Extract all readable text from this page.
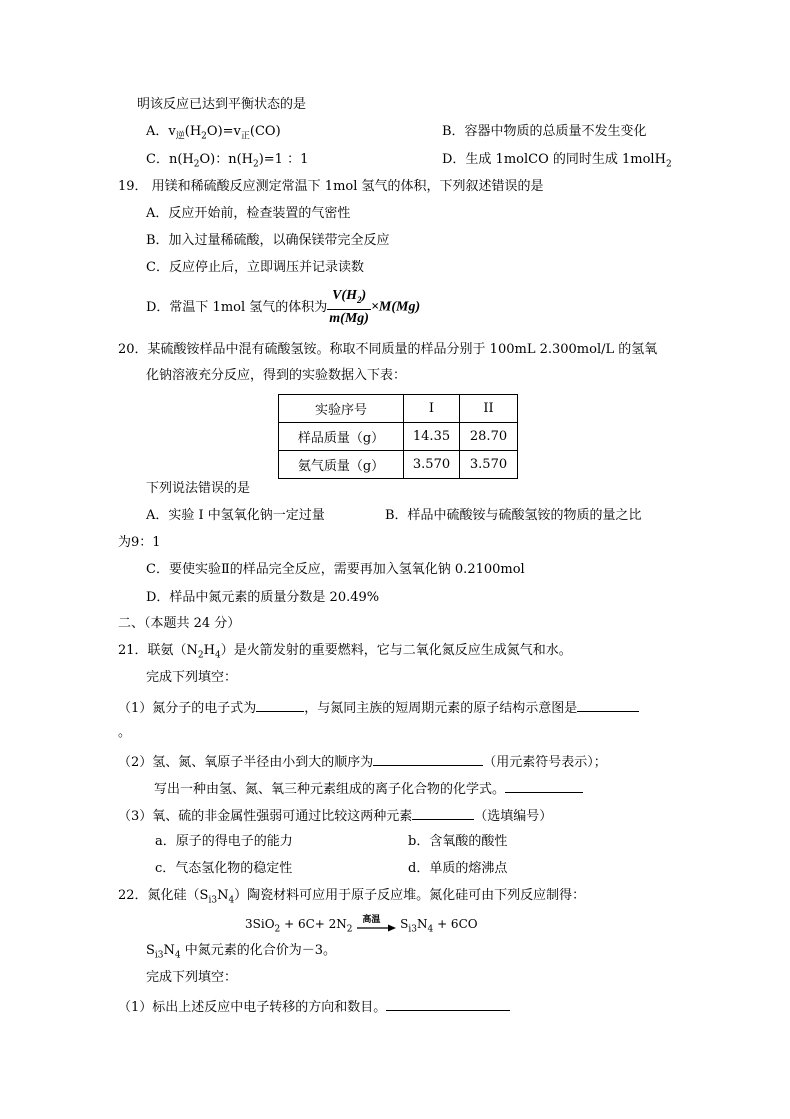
明该反应已达到平衡状态的是
A．$v_逆(H_2O)=v_正(CO)$	B．容器中物质的总质量不发生变化
C．$n(H_2O)$：$n(H_2)=1$ ：1	D．生成 1molCO 的同时生成 1molH$_2$
19． 用镁和稀硫酸反应测定常温下 1mol 氢气的体积，下列叙述错误的是
A．反应开始前，检查装置的气密性
B．加入过量稀硫酸，以确保镁带完全反应
C．反应停止后，立即调压并记录读数
D．常温下 1mol 氢气的体积为 $\frac{V(H_2)}{m(Mg)} \times M(Mg)$
20．某硫酸铵样品中混有硫酸氢铵。称取不同质量的样品分别于 100mL 2.300mol/L 的氢氧
化钠溶液充分反应，得到的实验数据入下表：
实验序号	I	II
样品质量（g）	14.35	28.70
氨气质量（g）	3.570	3.570
下列说法错误的是
A．实验 I 中氢氧化钠一定过量	B．样品中硫酸铵与硫酸氢铵的物质的量之比
为9：1
C．要使实验Ⅱ的样品完全反应，需要再加入氢氧化钠 0.2100mol
D．样品中氮元素的质量分数是 20.49%
二、（本题共 24 分）
21．联氨$(N_2H_4)$是火箭发射的重要燃料，它与二氧化氮反应生成氮气和水。
完成下列填空：
（1）氮分子的电子式为	，与氮同主族的短周期元素的原子结构示意图是
。
（2）氢、氮、氧原子半径由小到大的顺序为	（用元素符号表示）；
写出一种由氢、氮、氧三种元素组成的离子化合物的化学式。
（3）氧、硫的非金属性强弱可通过比较这两种元素	（选填编号）
a．原子的得电子的能力	b．含氧酸的酸性
c．气态氢化物的稳定性	d．单质的熔沸点
22．氮化硅$(S_{i3}N_4)$陶瓷材料可应用于原子反应堆。氮化硅可由下列反应制得：
$3SiO_2 + 6C+ 2N_2$
高温 $S_{i3}N_4 + 6CO$
$S_{i3}N_4$ 中氮元素的化合价为－3。
完成下列填空：
（1）标出上述反应中电子转移的方向和数目。
